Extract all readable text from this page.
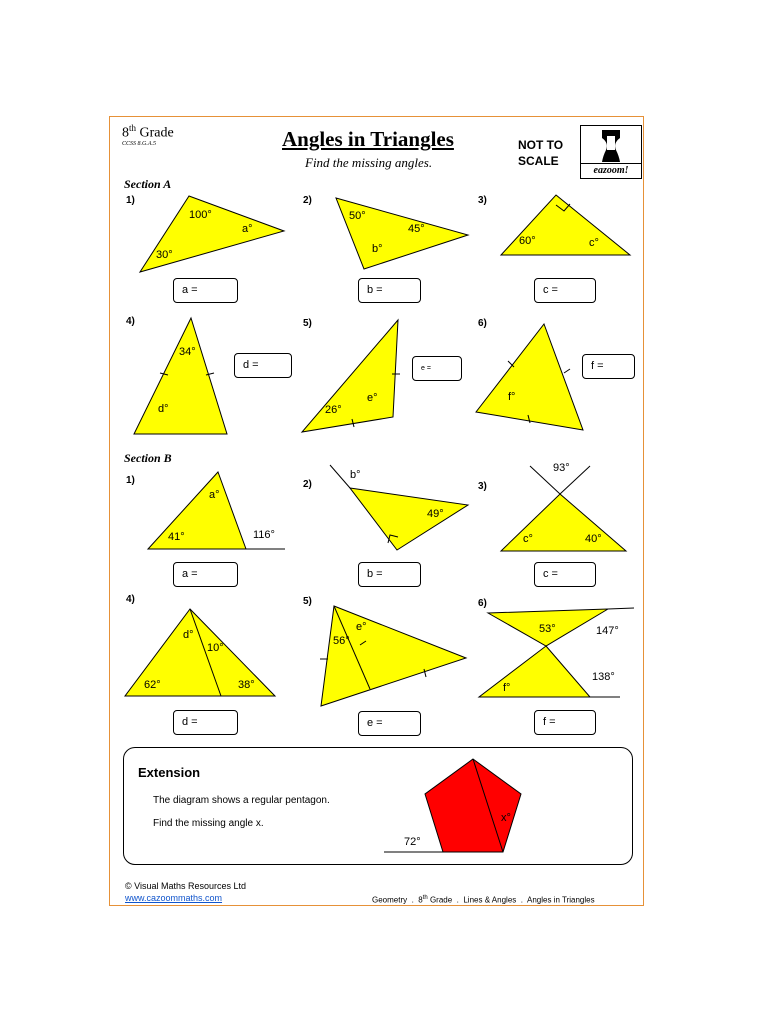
8th Grade
CCSS 8.G.A.5	Angles in Triangles
Find the missing angles.
NOT TO
SCALE
eazoom!
Section A
Section B
1)	2)	3)
4)	5)	6)
1)	2)	3)
4)	5)	6)
100°
a°
30°
50°
45°
b°
60°	c°
34°
d°
e°
26°
f°
a°
41°	116°
b°
49°
93°
c°	40°
d°
10°
62°	38°
56°
e°	53°	147°
138°
f°
a =	b =	c =
d =	e =	f =
a =	b =	c =
d =	e =	f =
Extension
The diagram shows a regular pentagon.
Find the missing angle x.
72°
x°
© Visual Maths Resources Ltd
www.cazoommaths.com	Geometry . 8th Grade . Lines & Angles . Angles in Triangles
